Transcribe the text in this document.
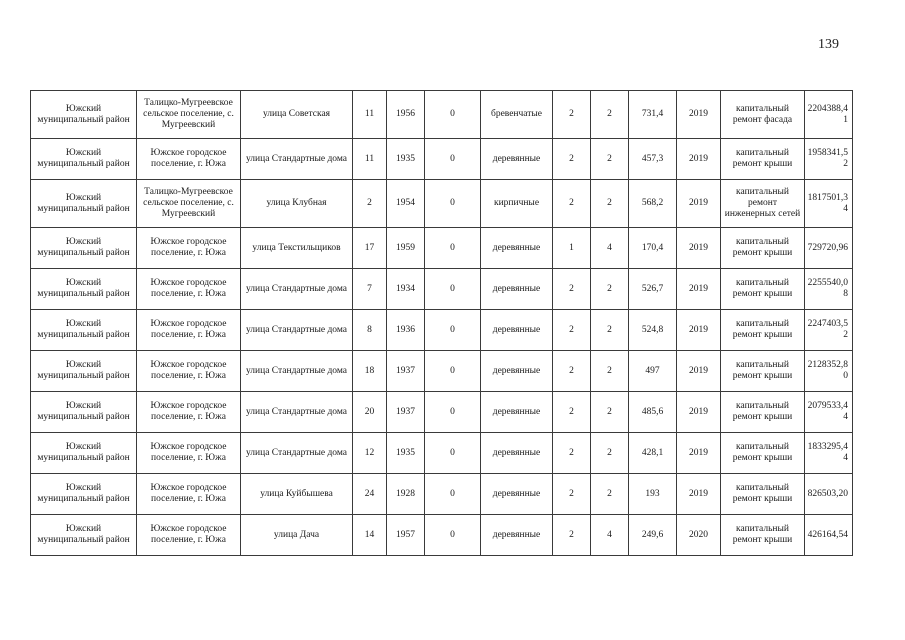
139
Южский муниципальный район	Талицко-Мугреевское сельское поселение, с. Мугреевский	улица Советская	11	1956	0	бревенчатые	2	2	731,4	2019	капитальный ремонт фасада	2204388,41
Южский муниципальный район	Южское городское поселение, г. Южа	улица Стандартные дома	11	1935	0	деревянные	2	2	457,3	2019	капитальный ремонт крыши	1958341,52
Южский муниципальный район	Талицко-Мугреевское сельское поселение, с. Мугреевский	улица Клубная	2	1954	0	кирпичные	2	2	568,2	2019	капитальный ремонт инженерных сетей	1817501,34
Южский муниципальный район	Южское городское поселение, г. Южа	улица Текстильщиков	17	1959	0	деревянные	1	4	170,4	2019	капитальный ремонт крыши	729720,96
Южский муниципальный район	Южское городское поселение, г. Южа	улица Стандартные дома	7	1934	0	деревянные	2	2	526,7	2019	капитальный ремонт крыши	2255540,08
Южский муниципальный район	Южское городское поселение, г. Южа	улица Стандартные дома	8	1936	0	деревянные	2	2	524,8	2019	капитальный ремонт крыши	2247403,52
Южский муниципальный район	Южское городское поселение, г. Южа	улица Стандартные дома	18	1937	0	деревянные	2	2	497	2019	капитальный ремонт крыши	2128352,80
Южский муниципальный район	Южское городское поселение, г. Южа	улица Стандартные дома	20	1937	0	деревянные	2	2	485,6	2019	капитальный ремонт крыши	2079533,44
Южский муниципальный район	Южское городское поселение, г. Южа	улица Стандартные дома	12	1935	0	деревянные	2	2	428,1	2019	капитальный ремонт крыши	1833295,44
Южский муниципальный район	Южское городское поселение, г. Южа	улица Куйбышева	24	1928	0	деревянные	2	2	193	2019	капитальный ремонт крыши	826503,20
Южский муниципальный район	Южское городское поселение, г. Южа	улица Дача	14	1957	0	деревянные	2	4	249,6	2020	капитальный ремонт крыши	426164,54
